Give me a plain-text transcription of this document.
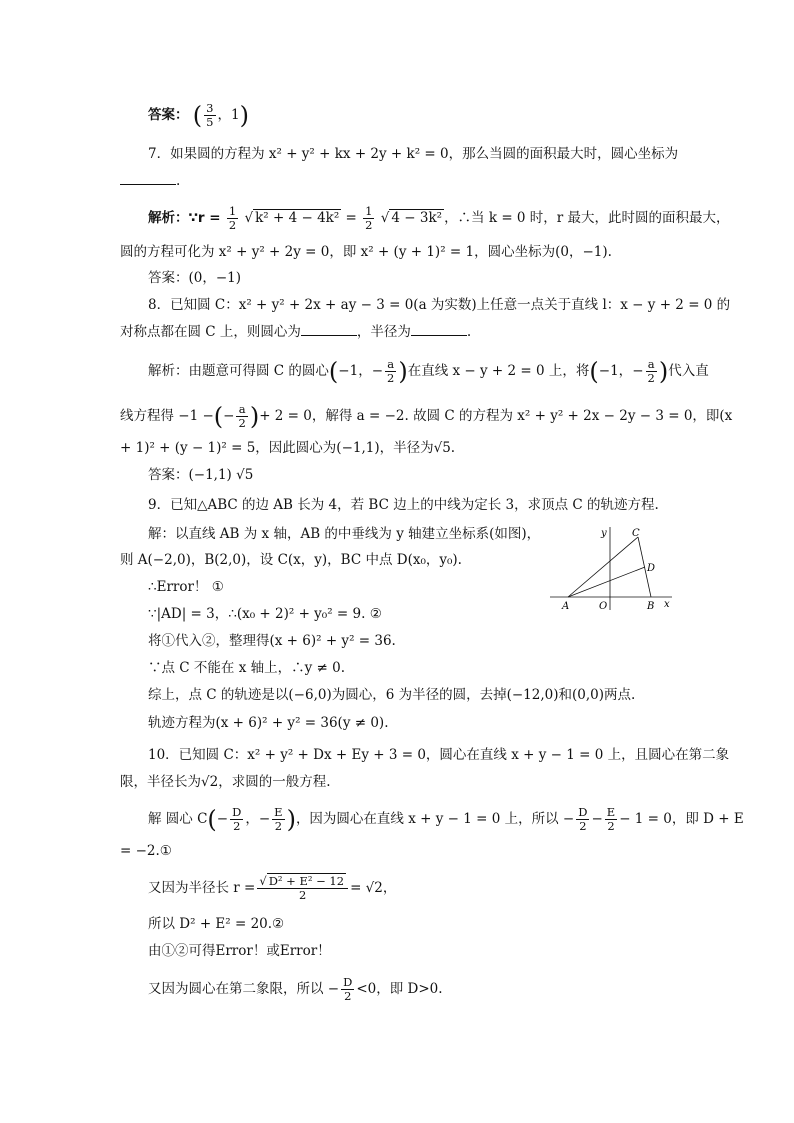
答案： ( $\frac{3}{5}$ ，1)
7．如果圆的方程为 x² + y² + kx + 2y + k² = 0，那么当圆的面积最大时，圆心坐标为
.
解析：∵r = $\frac{1}{2}$ √ $k^2 + 4 - 4k^2 = \frac{1}{2}$ √ 4 − 3k² ，∴当 k = 0 时，r 最大，此时圆的面积最大，
圆的方程可化为 x² + y² + 2y = 0，即 x² + (y + 1)² = 1，圆心坐标为(0，−1).
答案：(0，−1)
8．已知圆 C：x² + y² + 2x + ay − 3 = 0(a 为实数)上任意一点关于直线 l：x − y + 2 = 0 的
对称点都在圆 C 上，则圆心为	，半径为	.
解析：由题意可得圆 C 的圆心(−1，− $\frac{a}{2}$ )在直线 x − y + 2 = 0 上，将(−1，− $\frac{a}{2}$ )代入直
线方程得 −1 −(− $\frac{a}{2}$ )+ 2 = 0，解得 a = −2. 故圆 C 的方程为 x² + y² + 2x − 2y − 3 = 0，即(x
+ 1)² + (y − 1)² = 5，因此圆心为(−1,1)，半径为√5.
答案：(−1,1) √5
9．已知△ABC 的边 AB 长为 4，若 BC 边上的中线为定长 3，求顶点 C 的轨迹方程.
解：以直线 AB 为 x 轴，AB 的中垂线为 y 轴建立坐标系(如图)，
则 A(−2,0)，B(2,0)，设 C(x，y)，BC 中点 D(x₀，y₀).
∴Error！ ①
∵|AD| = 3，∴(x₀ + 2)² + y₀² = 9. ②
将①代入②，整理得(x + 6)² + y² = 36.
∵点 C 不能在 x 轴上，∴y ≠ 0.
综上，点 C 的轨迹是以(−6,0)为圆心，6 为半径的圆，去掉(−12,0)和(0,0)两点.
轨迹方程为(x + 6)² + y² = 36(y ≠ 0).
y	C
D
A	O	B x
10．已知圆 C：x² + y² + Dx + Ey + 3 = 0，圆心在直线 x + y − 1 = 0 上，且圆心在第二象
限，半径长为√2，求圆的一般方程.
解 圆心 $C(- \frac{D}{2}$ ，− $\frac{E}{2}$ )，因为圆心在直线 x + y − 1 = 0 上，所以 − $\frac{D}{2} - \frac{E}{2} - 1 = 0$，即 D + E
= −2.①
又因为半径长 $r = \frac{\text{√ D² + E² − 12}}{2} = √2$，
所以 D² + E² = 20.②
由①②可得Error！或Error！
又因为圆心在第二象限，所以 − $\frac{D}{2} <0$，即 D>0.
